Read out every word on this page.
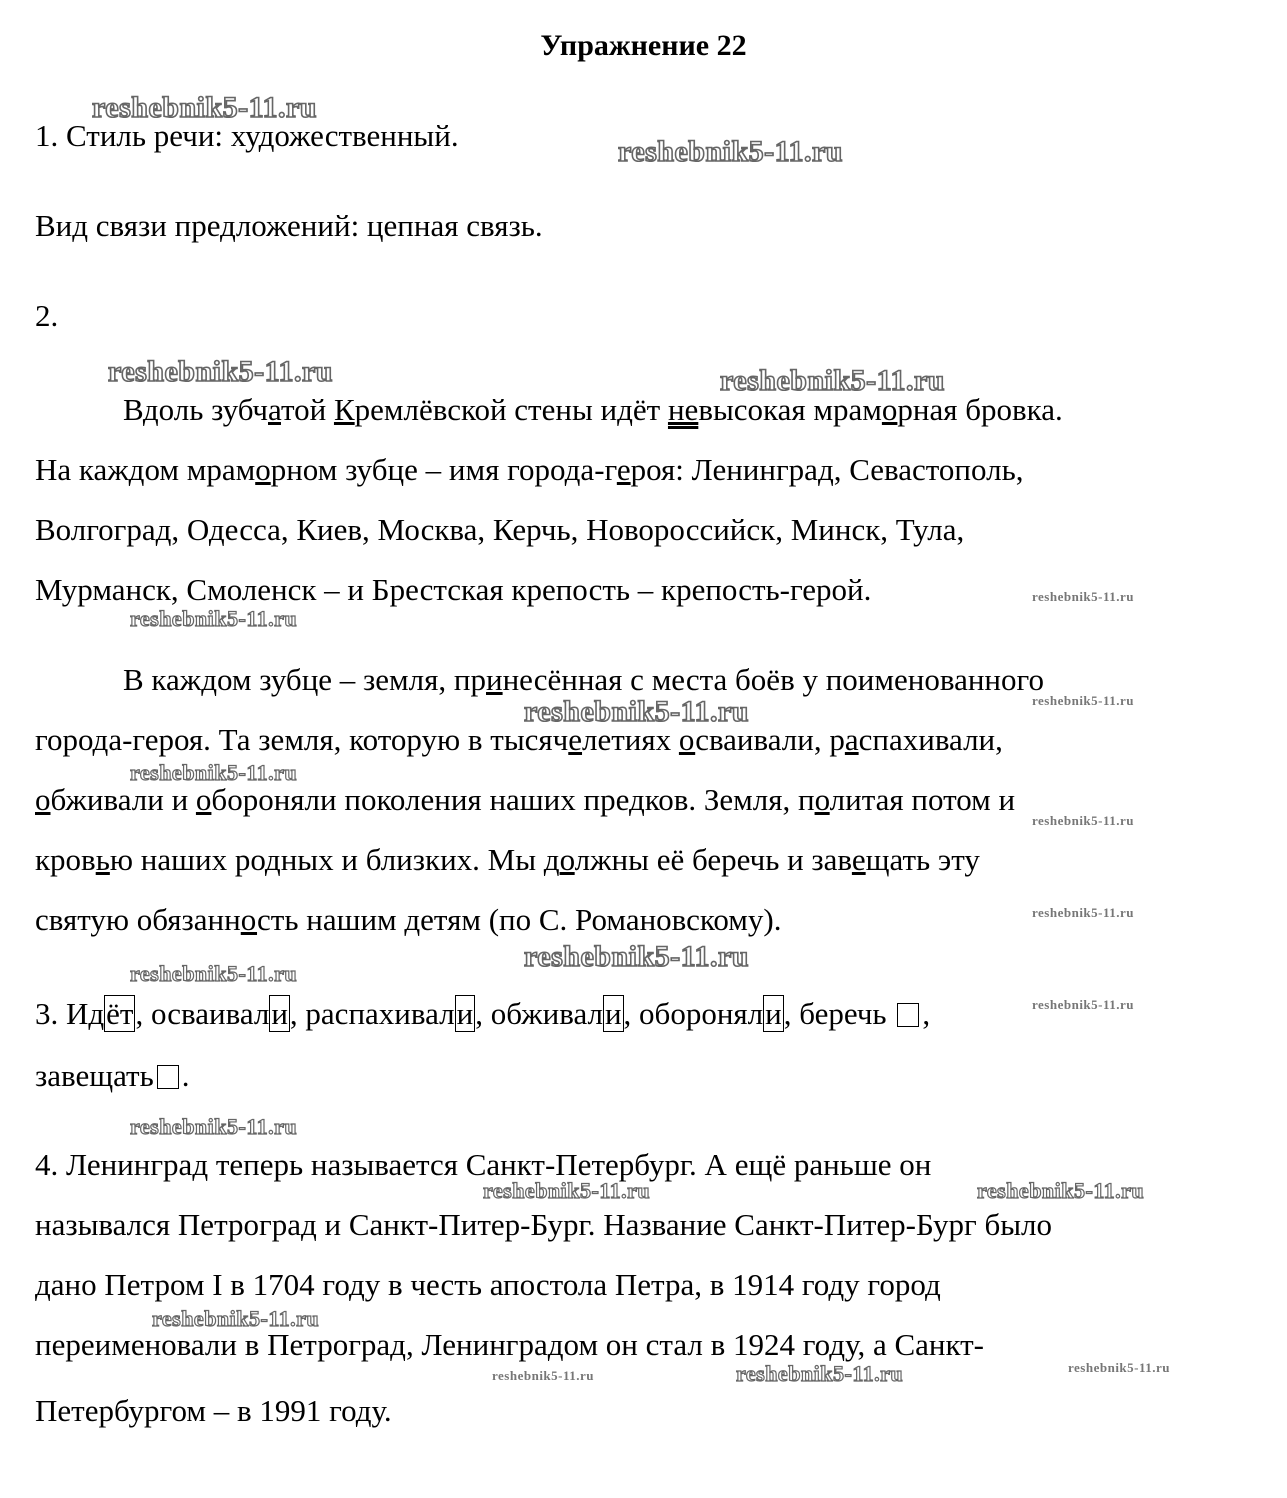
Упражнение 22
1. Стиль речи: художественный.
Вид связи предложений: цепная связь.
2.
Вдоль зубчатой Кремлёвской стены идёт невысокая мраморная бровка.
На каждом мраморном зубце – имя города-героя: Ленинград, Севастополь,
Волгоград, Одесса, Киев, Москва, Керчь, Новороссийск, Минск, Тула,
Мурманск, Смоленск – и Брестская крепость – крепость-герой.
В каждом зубце – земля, принесённая с места боёв у поименованного
города-героя. Та земля, которую в тысячелетиях осваивали, распахивали,
обживали и обороняли поколения наших предков. Земля, политая потом и
кровью наших родных и близких. Мы должны её беречь и завещать эту
святую обязанность нашим детям (по С. Романовскому).
3. Идёт, осваивали, распахивали, обживали, обороняли, беречь ,
завещать .
4. Ленинград теперь называется Санкт-Петербург. А ещё раньше он
назывался Петроград и Санкт-Питер-Бург. Название Санкт-Питер-Бург было
дано Петром I в 1704 году в честь апостола Петра, в 1914 году город
переименовали в Петроград, Ленинградом он стал в 1924 году, а Санкт-
Петербургом – в 1991 году.
reshebnik5-11.ru
reshebnik5-11.ru
reshebnik5-11.ru	reshebnik5-11.ru
reshebnik5-11.ru
reshebnik5-11.ru
reshebnik5-11.ru	reshebnik5-11.ru
reshebnik5-11.ru
reshebnik5-11.ru
reshebnik5-11.ru
reshebnik5-11.ru
reshebnik5-11.ru
reshebnik5-11.ru
reshebnik5-11.ru
reshebnik5-11.ru	reshebnik5-11.ru
reshebnik5-11.ru
reshebnik5-11.ru	reshebnik5-11.ru	reshebnik5-11.ru
